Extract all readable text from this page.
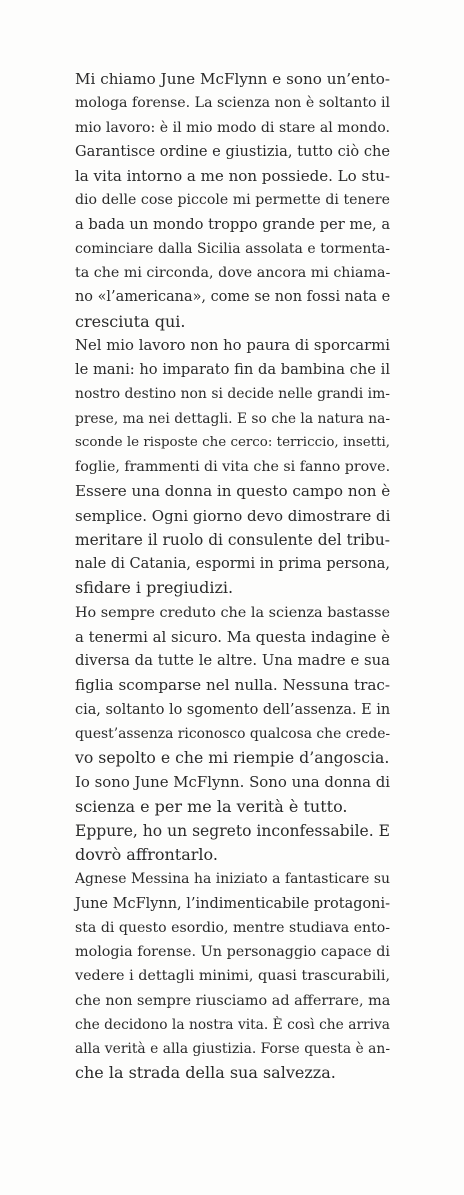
Mi chiamo June McFlynn e sono un’ento-
mologa forense. La scienza non è soltanto il
mio lavoro: è il mio modo di stare al mondo.
Garantisce ordine e giustizia, tutto ciò che
la vita intorno a me non possiede. Lo stu-
dio delle cose piccole mi permette di tenere
a bada un mondo troppo grande per me, a
cominciare dalla Sicilia assolata e tormenta-
ta che mi circonda, dove ancora mi chiama-
no «l’americana», come se non fossi nata e
cresciuta qui.
Nel mio lavoro non ho paura di sporcarmi
le mani: ho imparato fin da bambina che il
nostro destino non si decide nelle grandi im-
prese, ma nei dettagli. E so che la natura na-
sconde le risposte che cerco: terriccio, insetti,
foglie, frammenti di vita che si fanno prove.
Essere una donna in questo campo non è
semplice. Ogni giorno devo dimostrare di
meritare il ruolo di consulente del tribu-
nale di Catania, espormi in prima persona,
sfidare i pregiudizi.
Ho sempre creduto che la scienza bastasse
a tenermi al sicuro. Ma questa indagine è
diversa da tutte le altre. Una madre e sua
figlia scomparse nel nulla. Nessuna trac-
cia, soltanto lo sgomento dell’assenza. E in
quest’assenza riconosco qualcosa che crede-
vo sepolto e che mi riempie d’angoscia.
Io sono June McFlynn. Sono una donna di
scienza e per me la verità è tutto.
Eppure, ho un segreto inconfessabile. E
dovrò affrontarlo.
Agnese Messina ha iniziato a fantasticare su
June McFlynn, l’indimenticabile protagoni-
sta di questo esordio, mentre studiava ento-
mologia forense. Un personaggio capace di
vedere i dettagli minimi, quasi trascurabili,
che non sempre riusciamo ad afferrare, ma
che decidono la nostra vita. È così che arriva
alla verità e alla giustizia. Forse questa è an-
che la strada della sua salvezza.
